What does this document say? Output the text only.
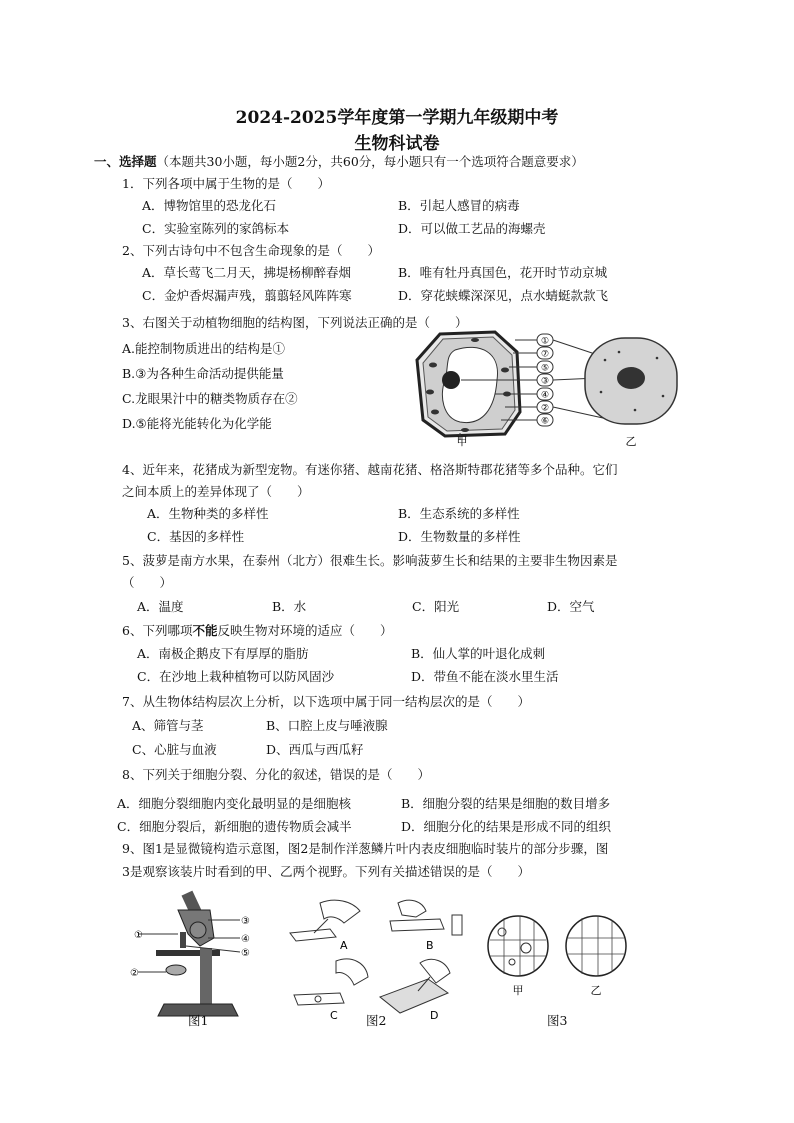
2024-2025学年度第一学期九年级期中考
生物科试卷
一、选择题（本题共30小题，每小题2分，共60分，每小题只有一个选项符合题意要求）
1．下列各项中属于生物的是（　　）
A．博物馆里的恐龙化石	B．引起人感冒的病毒
C．实验室陈列的家鸽标本	D．可以做工艺品的海螺壳
2、下列古诗句中不包含生命现象的是（　　）
A．草长莺飞二月天，拂堤杨柳醉春烟	B．唯有牡丹真国色，花开时节动京城
C．金炉香烬漏声残，翦翦轻风阵阵寒	D．穿花蛱蝶深深见，点水蜻蜓款款飞
3、右图关于动植物细胞的结构图，下列说法正确的是（　　）
A.能控制物质进出的结构是①
B.③为各种生命活动提供能量
C.龙眼果汁中的糖类物质存在②
D.⑤能将光能转化为化学能
①
⑦
⑤
③
④
②
⑥
甲	乙
4、近年来，花猪成为新型宠物。有迷你猪、越南花猪、格洛斯特郡花猪等多个品种。它们
之间本质上的差异体现了（　　）
A．生物种类的多样性	B．生态系统的多样性
C．基因的多样性	D．生物数量的多样性
5、菠萝是南方水果，在泰州（北方）很难生长。影响菠萝生长和结果的主要非生物因素是
（　　）
A．温度	B．水	C．阳光	D．空气
6、下列哪项不能反映生物对环境的适应（　　）
A．南极企鹅皮下有厚厚的脂肪	B．仙人掌的叶退化成刺
C．在沙地上栽种植物可以防风固沙	D．带鱼不能在淡水里生活
7、从生物体结构层次上分析，以下选项中属于同一结构层次的是（　　）
A、筛管与茎	B、口腔上皮与唾液腺
C、心脏与血液	D、西瓜与西瓜籽
8、下列关于细胞分裂、分化的叙述，错误的是（　　）
A．细胞分裂细胞内变化最明显的是细胞核	B．细胞分裂的结果是细胞的数目增多
C．细胞分裂后，新细胞的遗传物质会减半	D．细胞分化的结果是形成不同的组织
9、图1是显微镜构造示意图，图2是制作洋葱鳞片叶内表皮细胞临时装片的部分步骤，图
3是观察该装片时看到的甲、乙两个视野。下列有关描述错误的是（　　）
①
②
③
④
⑤
A	B
C	D
甲	乙
图1	图2	图3
